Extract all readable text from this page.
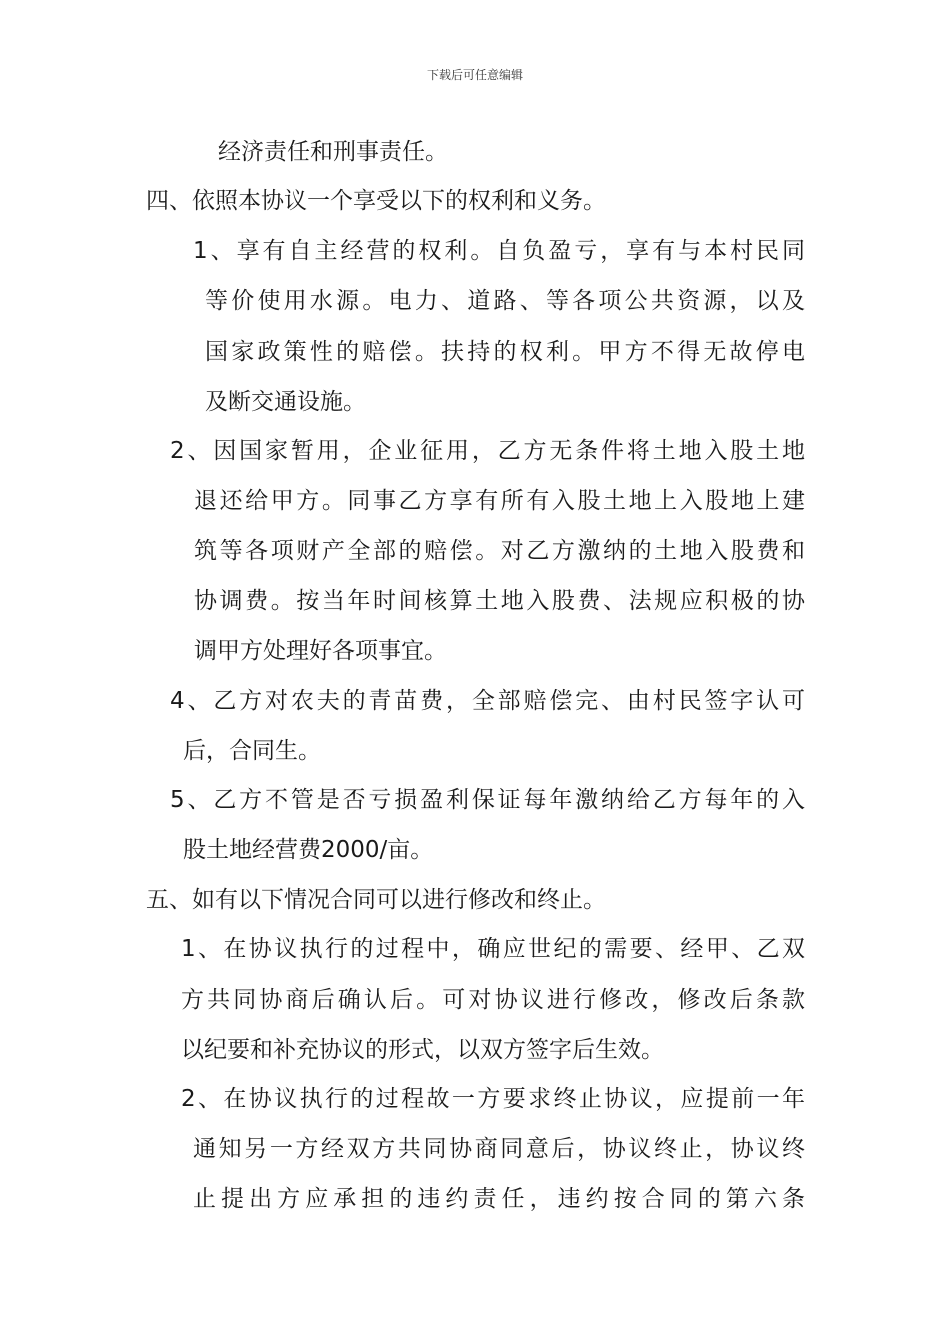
下载后可任意编辑
经济责任和刑事责任。
四、依照本协议一个享受以下的权利和义务。
1、享有自主经营的权利。自负盈亏，享有与本村民同
等价使用水源。电力、道路、等各项公共资源，以及
国家政策性的赔偿。扶持的权利。甲方不得无故停电
及断交通设施。
2、因国家暂用，企业征用，乙方无条件将土地入股土地
退还给甲方。同事乙方享有所有入股土地上入股地上建
筑等各项财产全部的赔偿。对乙方激纳的土地入股费和
协调费。按当年时间核算土地入股费、法规应积极的协
调甲方处理好各项事宜。
4、乙方对农夫的青苗费，全部赔偿完、由村民签字认可
后，合同生。
5、乙方不管是否亏损盈利保证每年激纳给乙方每年的入
股土地经营费2000/亩。
五、如有以下情况合同可以进行修改和终止。
1、在协议执行的过程中，确应世纪的需要、经甲、乙双
方共同协商后确认后。可对协议进行修改，修改后条款
以纪要和补充协议的形式，以双方签字后生效。
2、在协议执行的过程故一方要求终止协议，应提前一年
通知另一方经双方共同协商同意后，协议终止，协议终
止提出方应承担的违约责任，违约按合同的第六条
